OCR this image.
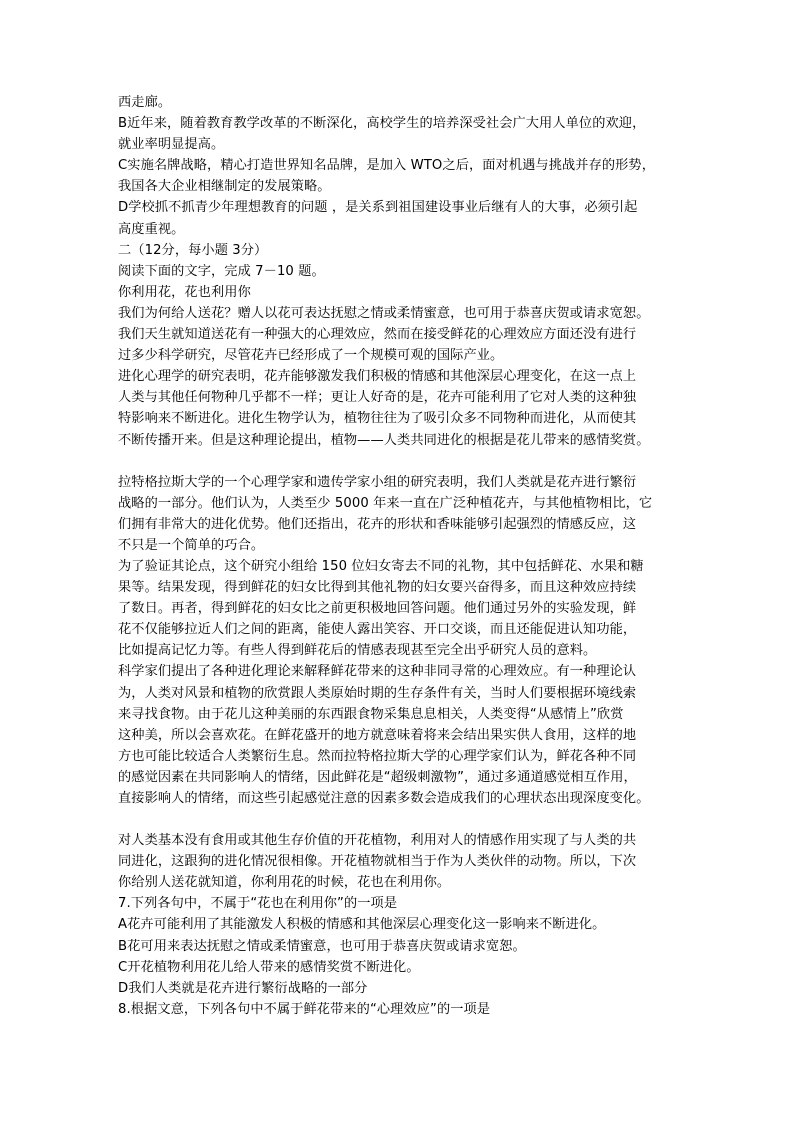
西走廊。

B近年来，随着教育教学改革的不断深化，高校学生的培养深受社会广大用人单位的欢迎，

就业率明显提高。

C实施名牌战略，精心打造世界知名品牌，是加入 WTO之后，面对机遇与挑战并存的形势，

我国各大企业相继制定的发展策略。

D学校抓不抓青少年理想教育的问题 ，是关系到祖国建设事业后继有人的大事，必须引起

高度重视。

二（12分，每小题 3分）

阅读下面的文字，完成 7－10 题。

你利用花，花也利用你

我们为何给人送花？赠人以花可表达抚慰之情或柔情蜜意，也可用于恭喜庆贺或请求宽恕。

我们天生就知道送花有一种强大的心理效应，然而在接受鲜花的心理效应方面还没有进行

过多少科学研究，尽管花卉已经形成了一个规模可观的国际产业。

进化心理学的研究表明，花卉能够激发我们积极的情感和其他深层心理变化，在这一点上

人类与其他任何物种几乎都不一样；更让人好奇的是，花卉可能利用了它对人类的这种独

特影响来不断进化。进化生物学认为，植物往往为了吸引众多不同物种而进化，从而使其

不断传播开来。但是这种理论提出，植物——人类共同进化的根据是花儿带来的感情奖赏。

拉特格拉斯大学的一个心理学家和遗传学家小组的研究表明，我们人类就是花卉进行繁衍

战略的一部分。他们认为，人类至少 5000 年来一直在广泛种植花卉，与其他植物相比，它

们拥有非常大的进化优势。他们还指出，花卉的形状和香味能够引起强烈的情感反应，这

不只是一个简单的巧合。

为了验证其论点，这个研究小组给 150 位妇女寄去不同的礼物，其中包括鲜花、水果和糖

果等。结果发现，得到鲜花的妇女比得到其他礼物的妇女要兴奋得多，而且这种效应持续

了数日。再者，得到鲜花的妇女比之前更积极地回答问题。他们通过另外的实验发现，鲜

花不仅能够拉近人们之间的距离，能使人露出笑容、开口交谈，而且还能促进认知功能，

比如提高记忆力等。有些人得到鲜花后的情感表现甚至完全出乎研究人员的意料。

科学家们提出了各种进化理论来解释鲜花带来的这种非同寻常的心理效应。有一种理论认

为，人类对风景和植物的欣赏跟人类原始时期的生存条件有关，当时人们要根据环境线索

来寻找食物。由于花儿这种美丽的东西跟食物采集息息相关，人类变得“从感情上”欣赏

这种美，所以会喜欢花。在鲜花盛开的地方就意味着将来会结出果实供人食用，这样的地

方也可能比较适合人类繁衍生息。然而拉特格拉斯大学的心理学家们认为，鲜花各种不同

的感觉因素在共同影响人的情绪，因此鲜花是“超级刺激物”，通过多通道感觉相互作用，

直接影响人的情绪，而这些引起感觉注意的因素多数会造成我们的心理状态出现深度变化。

对人类基本没有食用或其他生存价值的开花植物，利用对人的情感作用实现了与人类的共

同进化，这跟狗的进化情况很相像。开花植物就相当于作为人类伙伴的动物。所以，下次

你给别人送花就知道，你利用花的时候，花也在利用你。

7.下列各句中，不属于“花也在利用你”的一项是

A花卉可能利用了其能激发人积极的情感和其他深层心理变化这一影响来不断进化。

B花可用来表达抚慰之情或柔情蜜意，也可用于恭喜庆贺或请求宽恕。

C开花植物利用花儿给人带来的感情奖赏不断进化。

D我们人类就是花卉进行繁衍战略的一部分

8.根据文意，下列各句中不属于鲜花带来的“心理效应”的一项是
